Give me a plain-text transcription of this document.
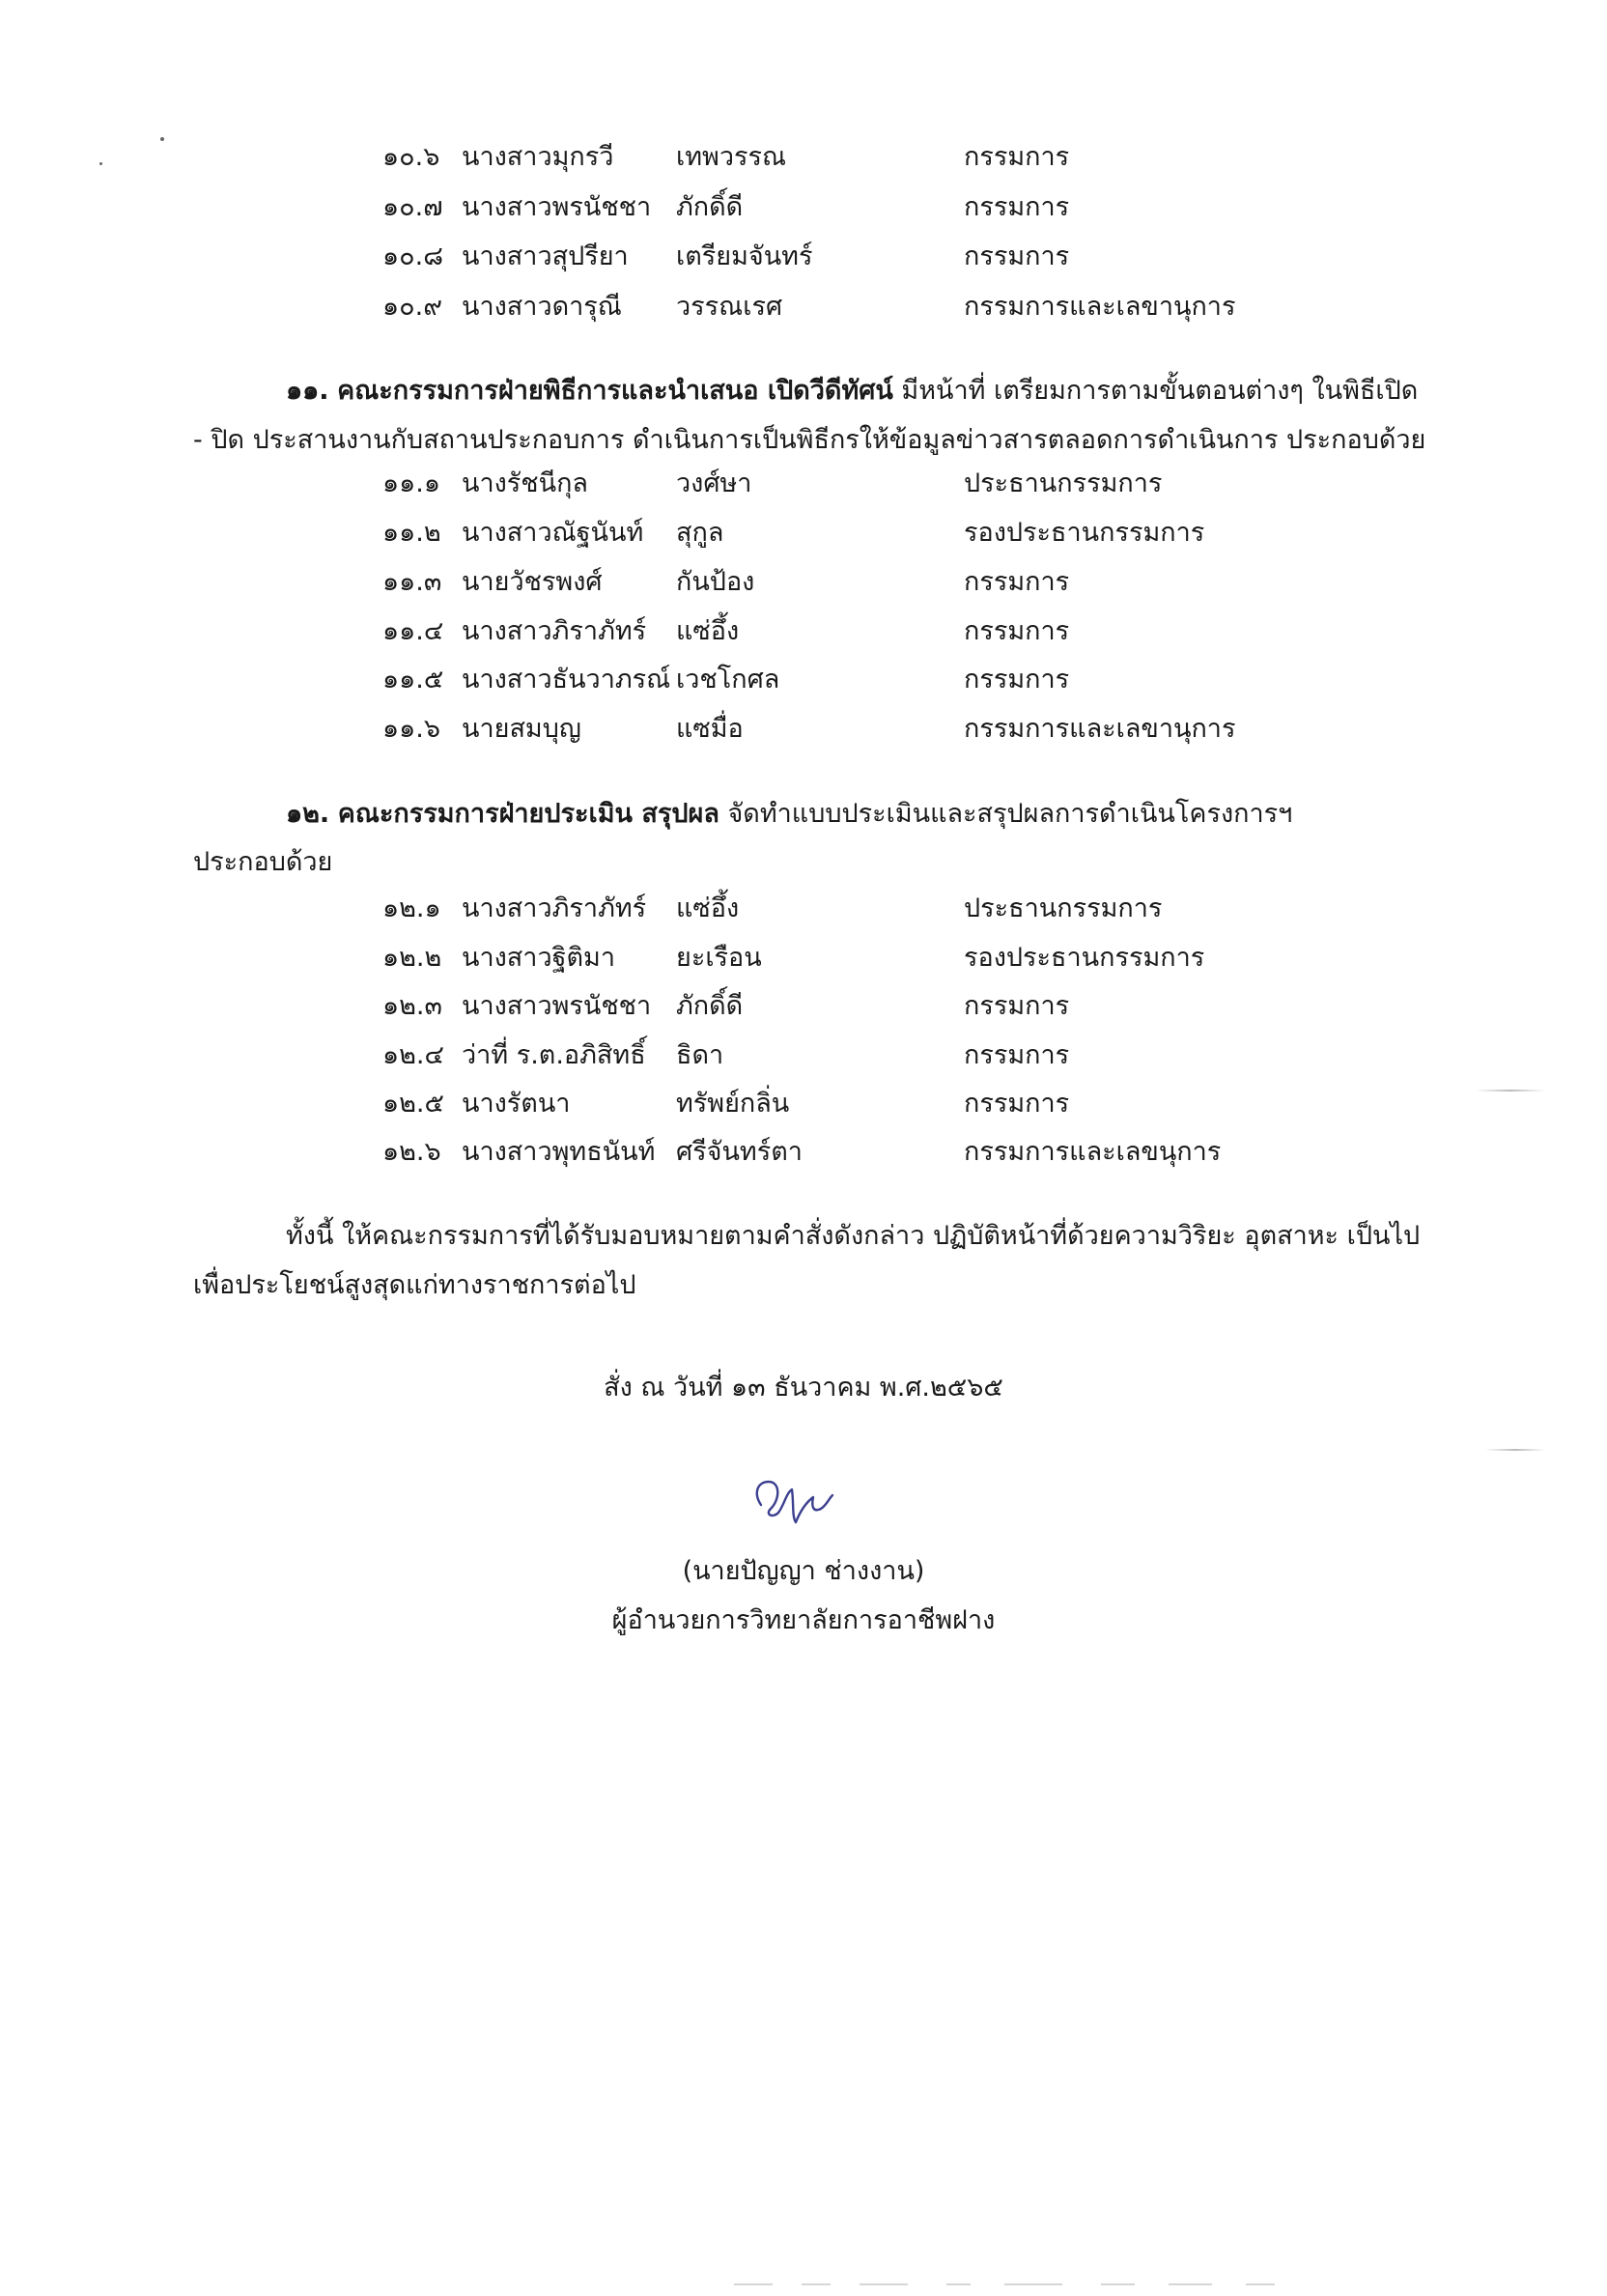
๑๐.๖ นางสาวมุกรวี เทพวรรณ	กรรมการ
๑๐.๗ นางสาวพรนัชชา ภักดิ์ดี	กรรมการ
๑๐.๘ นางสาวสุปรียา เตรียมจันทร์	กรรมการ
๑๐.๙ นางสาวดารุณี วรรณเรศ	กรรมการและเลขานุการ
๑๑. คณะกรรมการฝ่ายพิธีการและนำเสนอ เปิดวีดีทัศน์ มีหน้าที่ เตรียมการตามขั้นตอนต่างๆ ในพิธีเปิด
- ปิด ประสานงานกับสถานประกอบการ ดำเนินการเป็นพิธีกรให้ข้อมูลข่าวสารตลอดการดำเนินการ ประกอบด้วย
๑๑.๑ นางรัชนีกุล	วงศ์ษา	ประธานกรรมการ
๑๑.๒ นางสาวณัฐนันท์ สุกูล	รองประธานกรรมการ
๑๑.๓ นายวัชรพงศ์	กันป้อง	กรรมการ
๑๑.๔ นางสาวภิราภัทร์ แซ่อึ้ง	กรรมการ
๑๑.๕ นางสาวธันวาภรณ์ เวชโกศล	กรรมการ
๑๑.๖ นายสมบุญ	แซมื่อ	กรรมการและเลขานุการ
๑๒. คณะกรรมการฝ่ายประเมิน สรุปผล จัดทำแบบประเมินและสรุปผลการดำเนินโครงการฯ
ประกอบด้วย
๑๒.๑ นางสาวภิราภัทร์ แซ่อึ้ง	ประธานกรรมการ
๑๒.๒ นางสาวฐิติมา ยะเรือน	รองประธานกรรมการ
๑๒.๓ นางสาวพรนัชชา ภักดิ์ดี	กรรมการ
๑๒.๔ ว่าที่ ร.ต.อภิสิทธิ์ ธิดา	กรรมการ
๑๒.๕ นางรัตนา	ทรัพย์กลิ่น	กรรมการ
๑๒.๖ นางสาวพุทธนันท์ ศรีจันทร์ตา	กรรมการและเลขนุการ
ทั้งนี้ ให้คณะกรรมการที่ได้รับมอบหมายตามคำสั่งดังกล่าว ปฏิบัติหน้าที่ด้วยความวิริยะ อุตสาหะ เป็นไป
เพื่อประโยชน์สูงสุดแก่ทางราชการต่อไป
สั่ง ณ วันที่ ๑๓ ธันวาคม พ.ศ.๒๕๖๕
(นายปัญญา ช่างงาน)
ผู้อำนวยการวิทยาลัยการอาชีพฝาง
